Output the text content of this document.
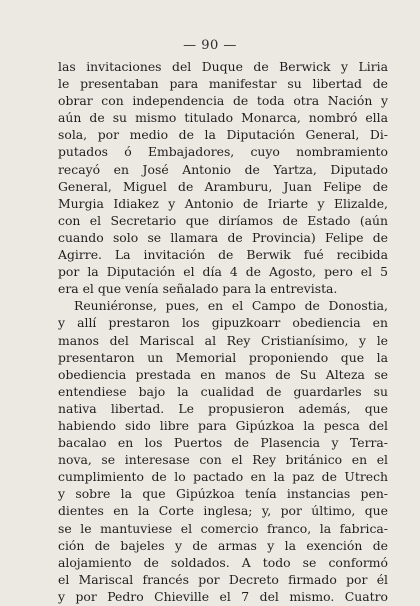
— 90 —
las invitaciones del Duque de Berwick y Liria
le presentaban para manifestar su libertad de
obrar con independencia de toda otra Nación y
aún de su mismo titulado Monarca, nombró ella
sola, por medio de la Diputación General, Di-
putados ó Embajadores, cuyo nombramiento
recayó en José Antonio de Yartza, Diputado
General, Miguel de Aramburu, Juan Felipe de
Murgia Idiakez y Antonio de Iriarte y Elizalde,
con el Secretario que diríamos de Estado (aún
cuando solo se llamara de Provincia) Felipe de
Agirre. La invitación de Berwik fué recibida
por la Diputación el día 4 de Agosto, pero el 5
era el que venía señalado para la entrevista.
Reuniéronse, pues, en el Campo de Donostia,
y allí prestaron los gipuzkoarr obediencia en
manos del Mariscal al Rey Cristianísimo, y le
presentaron un Memorial proponiendo que la
obediencia prestada en manos de Su Alteza se
entendiese bajo la cualidad de guardarles su
nativa libertad. Le propusieron además, que
habiendo sido libre para Gipúzkoa la pesca del
bacalao en los Puertos de Plasencia y Terra-
nova, se interesase con el Rey británico en el
cumplimiento de lo pactado en la paz de Utrech
y sobre la que Gipúzkoa tenía instancias pen-
dientes en la Corte inglesa; y, por último, que
se le mantuviese el comercio franco, la fabrica-
ción de bajeles y de armas y la exención de
alojamiento de soldados. A todo se conformó
el Mariscal francés por Decreto firmado por él
y por Pedro Chieville el 7 del mismo. Cuatro
